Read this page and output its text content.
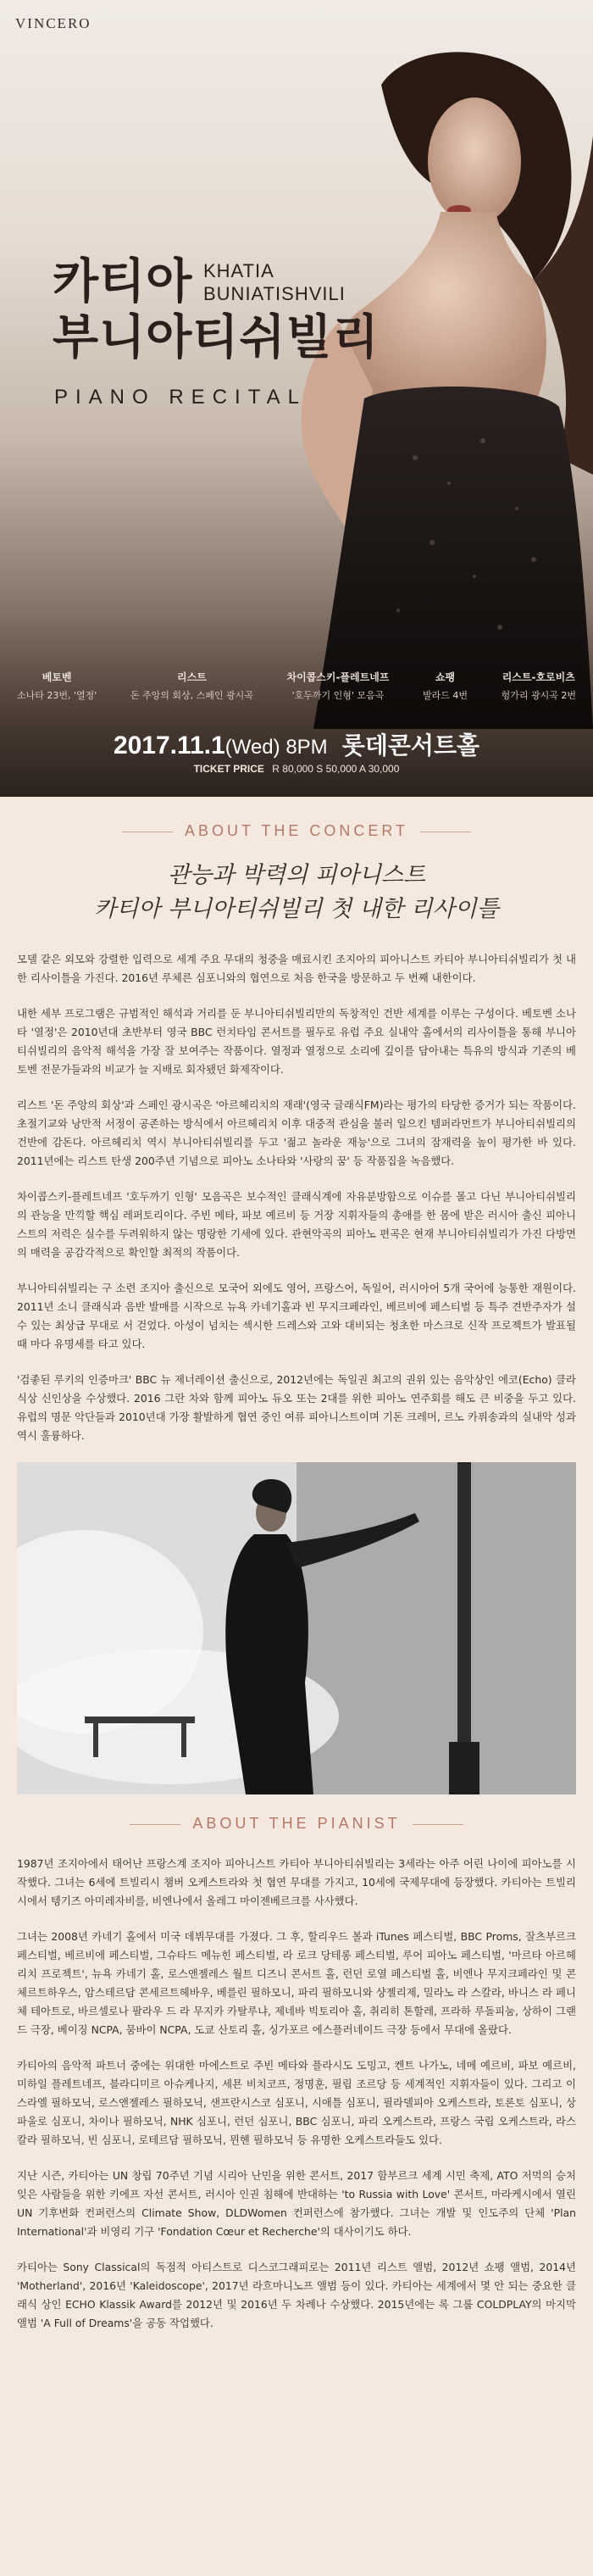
VINCERO
카티아
부니아티쉬빌리
KHATIA
BUNIATISHVILI
PIANO RECITAL
베토벤
소나타 23번, '열정'
리스트
돈 주앙의 회상, 스페인 광시곡
차이콥스키-플레트네프
'호두까기 인형' 모음곡
쇼팽
발라드 4번
리스트-호로비츠
헝가리 광시곡 2번
2017.11.1(Wed) 8PM 롯데콘서트홀
TICKET PRICE R 80,000 S 50,000 A 30,000
ABOUT THE CONCERT
관능과 박력의 피아니스트
카티아 부니아티쉬빌리 첫 내한 리사이틀

모델 같은 외모와 강렬한 입력으로 세계 주요 무대의 청중을 매료시킨 조지아의 피아니스트 카티아 부니아티쉬빌리가 첫 내한 리사이틀을 가진다. 2016년 루체른 심포니와의 협연으로 처음 한국을 방문하고 두 번째 내한이다.

내한 세부 프로그램은 규범적인 해석과 거리를 둔 부니아티쉬빌리만의 독창적인 건반 세계를 이루는 구성이다. 베토벤 소나타 '열정'은 2010년대 초반부터 영국 BBC 런치타임 콘서트를 필두로 유럽 주요 실내악 홀에서의 리사이틀을 통해 부니아티쉬빌리의 음악적 해석을 가장 잘 보여주는 작품이다. 열정과 열정으로 소리에 깊이를 담아내는 특유의 방식과 기존의 베토벤 전문가들과의 비교가 늘 지배로 회자됐던 화제작이다.

리스트 '돈 주앙의 회상'과 스페인 광시곡은 '아르헤리치의 재래'(영국 글래식FM)라는 평가의 타당한 증거가 되는 작품이다. 초절기교와 낭만적 서정이 공존하는 방식에서 아르헤리치 이후 대중적 관심을 불러 일으킨 템퍼라먼트가 부니아티쉬빌리의 건반에 감돈다. 아르헤리치 역시 부니아티쉬빌리를 두고 '젊고 놀라운 재능'으로 그녀의 잠재력을 높이 평가한 바 있다. 2011년에는 리스트 탄생 200주년 기념으로 피아노 소나타와 '사랑의 꿈' 등 작품집을 녹음했다.

차이콥스키-플레트네프 '호두까기 인형' 모음곡은 보수적인 클래식계에 자유분방함으로 이슈를 몰고 다닌 부니아티쉬빌리의 관능을 만끽할 핵심 레퍼토리이다. 주빈 메타, 파보 예르비 등 거장 지휘자들의 총애를 한 몸에 받은 러시아 출신 피아니스트의 저력은 실수를 두려워하지 않는 명랑한 기세에 있다. 관현악곡의 피아노 편곡은 현재 부니아티쉬빌리가 가진 다방면의 매력을 공감각적으로 확인할 최적의 작품이다.

부니아티쉬빌리는 구 소련 조지아 출신으로 모국어 외에도 영어, 프랑스어, 독일어, 러시아어 5개 국어에 능통한 재원이다. 2011년 소니 클래식과 음반 발매를 시작으로 뉴욕 카네기홀과 빈 무지크페라인, 베르비에 페스티벌 등 특주 견반주자가 설 수 있는 최상급 무대로 서 걷었다. 아성이 넘치는 섹시한 드레스와 고와 대비되는 청초한 마스크로 신작 프로젝트가 발표될 때 마다 유명세를 타고 있다.

'검좋된 루키의 인증마크' BBC 뉴 제너레이션 출신으로, 2012년에는 독일권 최고의 권위 있는 음악상인 에코(Echo) 클라식상 신인상을 수상했다. 2016 그란 차와 함께 피아노 듀오 또는 2대를 위한 피아노 연주회를 해도 큰 비중을 두고 있다. 유럽의 명문 악단들과 2010년대 가장 활발하게 협연 중인 여류 피아니스트이며 기돈 크레머, 르노 카퓌송과의 실내악 성과 역시 훌륭하다.

ABOUT THE PIANIST

1987년 조지아에서 태어난 프랑스계 조지아 피아니스트 카티아 부니아티쉬빌리는 3세라는 아주 어린 나이에 피아노를 시작했다. 그녀는 6세에 트빌리시 챔버 오케스트라와 첫 협연 무대를 가지고, 10세에 국제무대에 등장했다. 카티아는 트빌리시에서 텡기즈 아미레자비를, 비엔나에서 올레그 마이젠베르크를 사사했다.

그녀는 2008년 카네기 홀에서 미국 데뷔무대를 가졌다. 그 후, 할리우드 볼과 iTunes 페스티벌, BBC Proms, 잘츠부르크 페스티벌, 베르비에 페스티벌, 그슈타드 메뉴힌 페스티벌, 라 로크 당테롱 페스티벌, 루어 피아노 페스티벌, '마르타 아르헤리치 프로젝트', 뉴욕 카네기 홀, 로스앤젤레스 월트 디즈니 콘서트 홀, 런던 로열 페스티벌 홀, 비엔나 무지크페라인 및 콘체르트하우스, 암스테르담 콘세르트헤바우, 베를린 필하모니, 파리 필하모니와 샹젤리제, 밀라노 라 스칼라, 바니스 라 페니체 테아트로, 바르셀로나 팔라우 드 라 무지카 카탈루냐, 제네바 빅토리아 홀, 취리히 톤할레, 프라하 루돌피눔, 상하이 그랜드 극장, 베이징 NCPA, 뭄바이 NCPA, 도쿄 산토리 홀, 싱가포르 에스플러네이드 극장 등에서 무대에 올랐다.

카티아의 음악적 파트너 중에는 위대한 마에스트로 주빈 메타와 플라시도 도밍고, 켄트 나가노, 네메 예르비, 파보 예르비, 미하일 플레트네프, 블라디미르 아슈케나지, 세묜 비치코프, 정명훈, 필립 조르당 등 세계적인 지휘자들이 있다. 그리고 이스라엘 필하모닉, 로스앤젤레스 필하모닉, 샌프란시스코 심포니, 시애틀 심포니, 필라델피아 오케스트라, 토론토 심포니, 상파울로 심포니, 차이나 필하모닉, NHK 심포니, 런던 심포니, BBC 심포니, 파리 오케스트라, 프랑스 국립 오케스트라, 라스칼라 필하모닉, 빈 심포니, 로테르담 필하모닉, 뮌헨 필하모닉 등 유명한 오케스트라들도 있다.

지난 시즌, 카티아는 UN 창립 70주년 기념 시리아 난민을 위한 콘서트, 2017 함부르크 세계 시민 축제, ATO 저먹의 승처 잊은 사람들을 위한 키에프 자선 콘서트, 러시아 인권 침해에 반대하는 'to Russia with Love' 콘서트, 마라케시에서 열린 UN 기후변화 컨퍼런스의 Climate Show, DLDWomen 컨퍼런스에 참가했다. 그녀는 개발 및 인도주의 단체 'Plan International'과 비영리 기구 'Fondation Cœur et Recherche'의 대사이기도 하다.

카티아는 Sony Classical의 독점적 아티스트로 디스코그래피로는 2011년 리스트 앨범, 2012년 쇼팽 앨범, 2014년 'Motherland', 2016년 'Kaleidoscope', 2017년 라흐마니노프 앨범 등이 있다. 카티아는 세계에서 몇 안 되는 중요한 클래식 상인 ECHO Klassik Award를 2012년 및 2016년 두 차례나 수상했다. 2015년에는 록 그룹 COLDPLAY의 마지막 앨범 'A Full of Dreams'을 공동 작업했다.
